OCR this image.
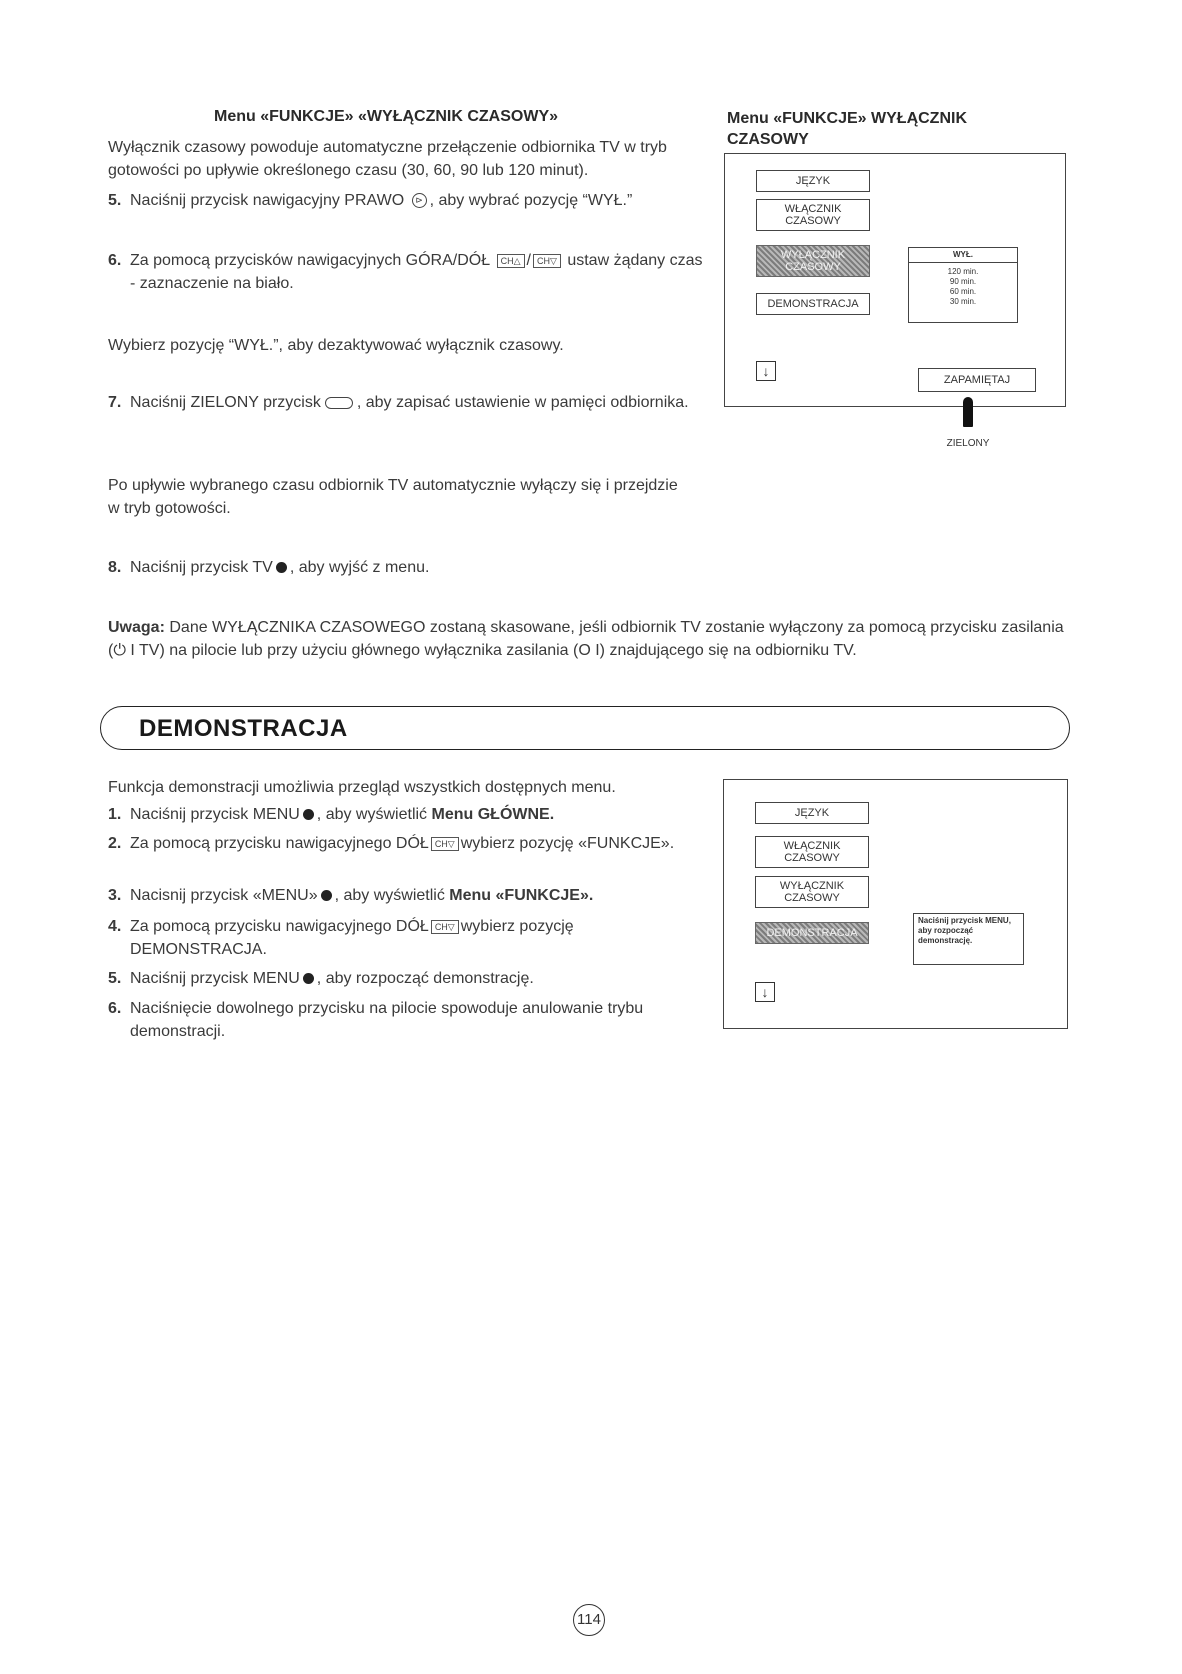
Menu «FUNKCJE» «WYŁĄCZNIK CZASOWY»
Wyłącznik czasowy powoduje automatyczne przełączenie odbiornika TV w tryb gotowości po upływie określonego czasu (30, 60, 90 lub 120 minut).
5. Naciśnij przycisk nawigacyjny PRAWO ⊳ , aby wybrać pozycję “WYŁ.”
6. Za pomocą przycisków nawigacyjnych GÓRA/DÓŁ CH△ / CH▽ ustaw żądany czas - zaznaczenie na biało.
Wybierz pozycję “WYŁ.”, aby dezaktywować wyłącznik czasowy.
7. Naciśnij ZIELONY przycisk , aby zapisać ustawienie w pamięci odbiornika.
Po upływie wybranego czasu odbiornik TV automatycznie wyłączy się i przejdzie w tryb gotowości.
8. Naciśnij przycisk TV , aby wyjść z menu.
Uwaga: Dane WYŁĄCZNIKA CZASOWEGO zostaną skasowane, jeśli odbiornik TV zostanie wyłączony za pomocą przycisku zasilania (⏻ I TV) na pilocie lub przy użyciu głównego wyłącznika zasilania (O I) znajdującego się na odbiorniku TV.
Menu «FUNKCJE» WYŁĄCZNIK CZASOWY
JĘZYK
WŁĄCZNIK CZASOWY
WYŁĄCZNIK CZASOWY
DEMONSTRACJA
WYŁ.
120 min.
90 min.
60 min.
30 min.
↓
ZAPAMIĘTAJ
ZIELONY
DEMONSTRACJA
Funkcja demonstracji umożliwia przegląd wszystkich dostępnych menu.
1. Naciśnij przycisk MENU , aby wyświetlić Menu GŁÓWNE.
2. Za pomocą przycisku nawigacyjnego DÓŁ CH▽ wybierz pozycję «FUNKCJE».
3. Nacisnij przycisk «MENU» , aby wyświetlić Menu «FUNKCJE».
4. Za pomocą przycisku nawigacyjnego DÓŁ CH▽ wybierz pozycję DEMONSTRACJA.
5. Naciśnij przycisk MENU , aby rozpocząć demonstrację.
6. Naciśnięcie dowolnego przycisku na pilocie spowoduje anulowanie trybu demonstracji.
JĘZYK
WŁĄCZNIK CZASOWY
WYŁĄCZNIK CZASOWY
DEMONSTRACJA
Naciśnij przycisk MENU, aby rozpocząć demonstrację.
↓
114
